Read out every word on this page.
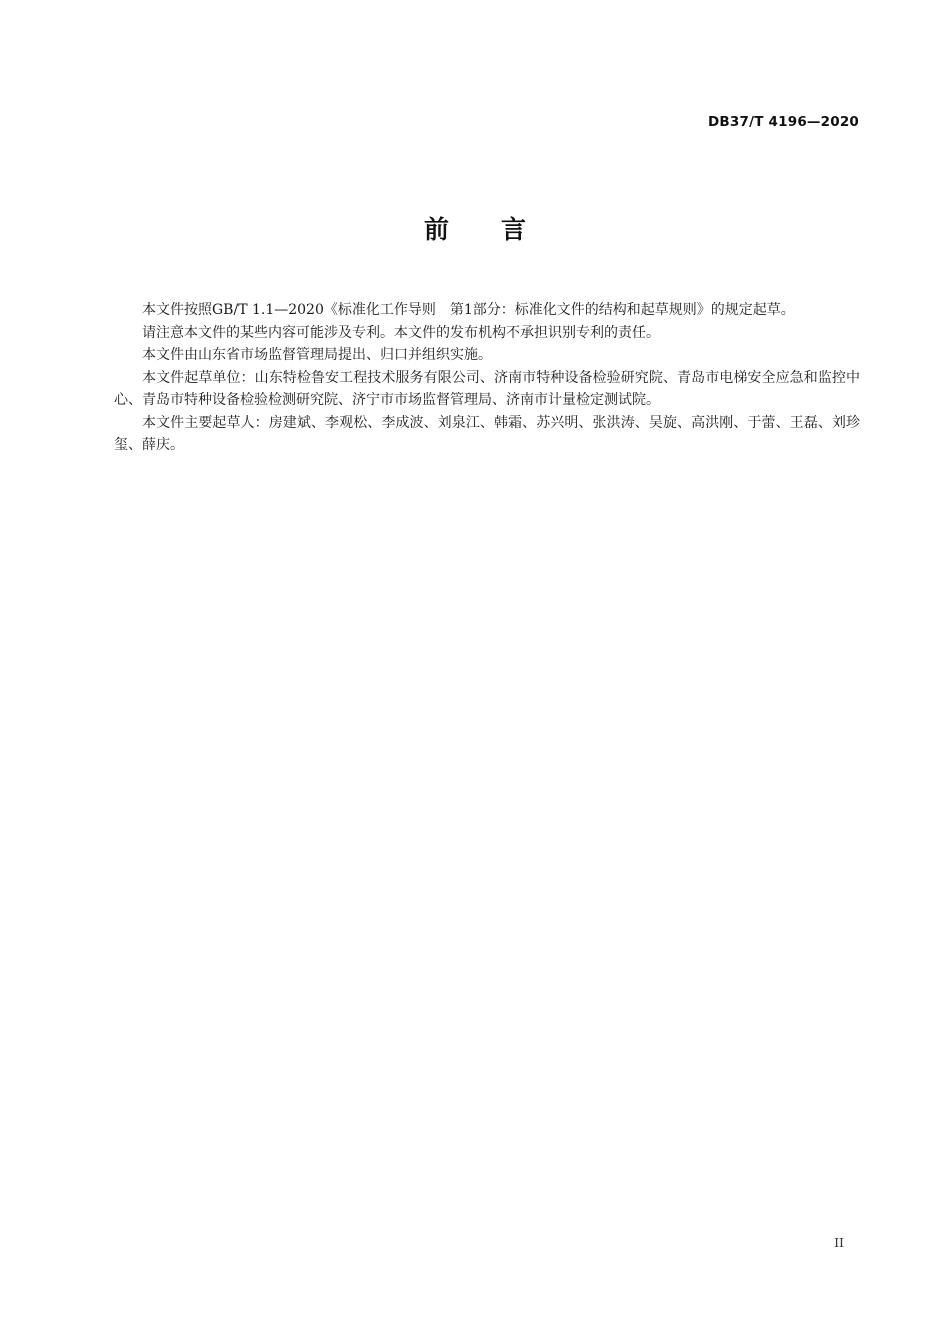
DB37/T 4196—2020
前言

本文件按照GB/T 1.1—2020《标准化工作导则　第1部分：标准化文件的结构和起草规则》的规定起草。

请注意本文件的某些内容可能涉及专利。本文件的发布机构不承担识别专利的责任。

本文件由山东省市场监督管理局提出、归口并组织实施。

本文件起草单位：山东特检鲁安工程技术服务有限公司、济南市特种设备检验研究院、青岛市电梯安全应急和监控中心、青岛市特种设备检验检测研究院、济宁市市场监督管理局、济南市计量检定测试院。

本文件主要起草人：房建斌、李观松、李成波、刘泉江、韩霜、苏兴明、张洪涛、吴旋、高洪刚、于蕾、王磊、刘珍玺、薛庆。

II
